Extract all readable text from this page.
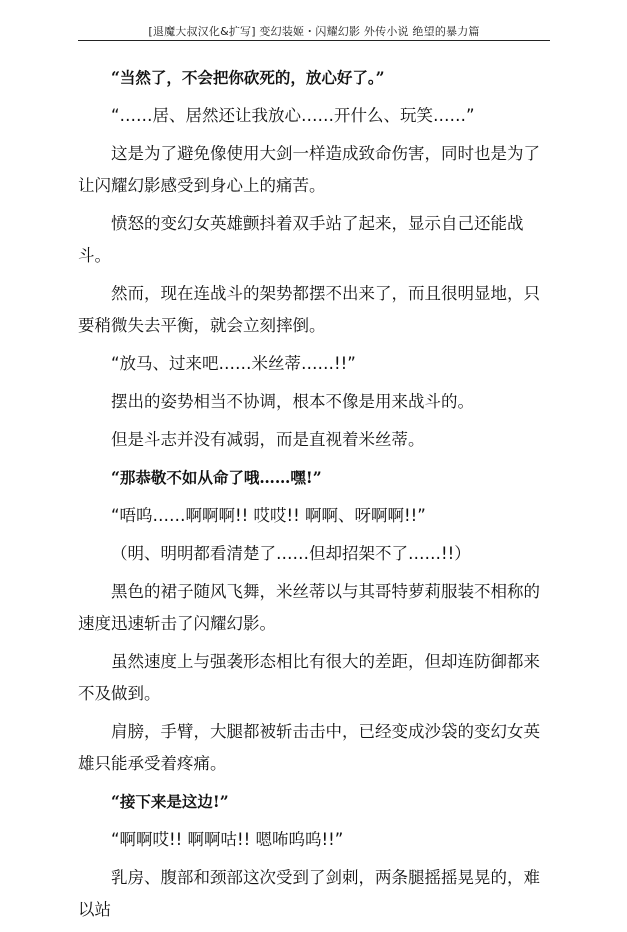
[退魔大叔汉化&扩写] 变幻装姬・闪耀幻影 外传小说 绝望的暴力篇

“当然了，不会把你砍死的，放心好了。”

“……居、居然还让我放心……开什么、玩笑……”

这是为了避免像使用大剑一样造成致命伤害，同时也是为了让闪耀幻影感受到身心上的痛苦。

愤怒的变幻女英雄颤抖着双手站了起来，显示自己还能战斗。

然而，现在连战斗的架势都摆不出来了，而且很明显地，只要稍微失去平衡，就会立刻摔倒。

“放马、过来吧……米丝蒂……!!”

摆出的姿势相当不协调，根本不像是用来战斗的。

但是斗志并没有减弱，而是直视着米丝蒂。

“那恭敬不如从命了哦……嘿!”

“唔呜……啊啊啊!! 哎哎!! 啊啊、呀啊啊!!”

（明、明明都看清楚了……但却招架不了……!!）

黑色的裙子随风飞舞，米丝蒂以与其哥特萝莉服装不相称的速度迅速斩击了闪耀幻影。

虽然速度上与强袭形态相比有很大的差距，但却连防御都来不及做到。

肩膀，手臂，大腿都被斩击击中，已经变成沙袋的变幻女英雄只能承受着疼痛。

“接下来是这边!”

“啊啊哎!! 啊啊咕!! 嗯咘呜呜!!”

乳房、腹部和颈部这次受到了剑刺，两条腿摇摇晃晃的，难以站
